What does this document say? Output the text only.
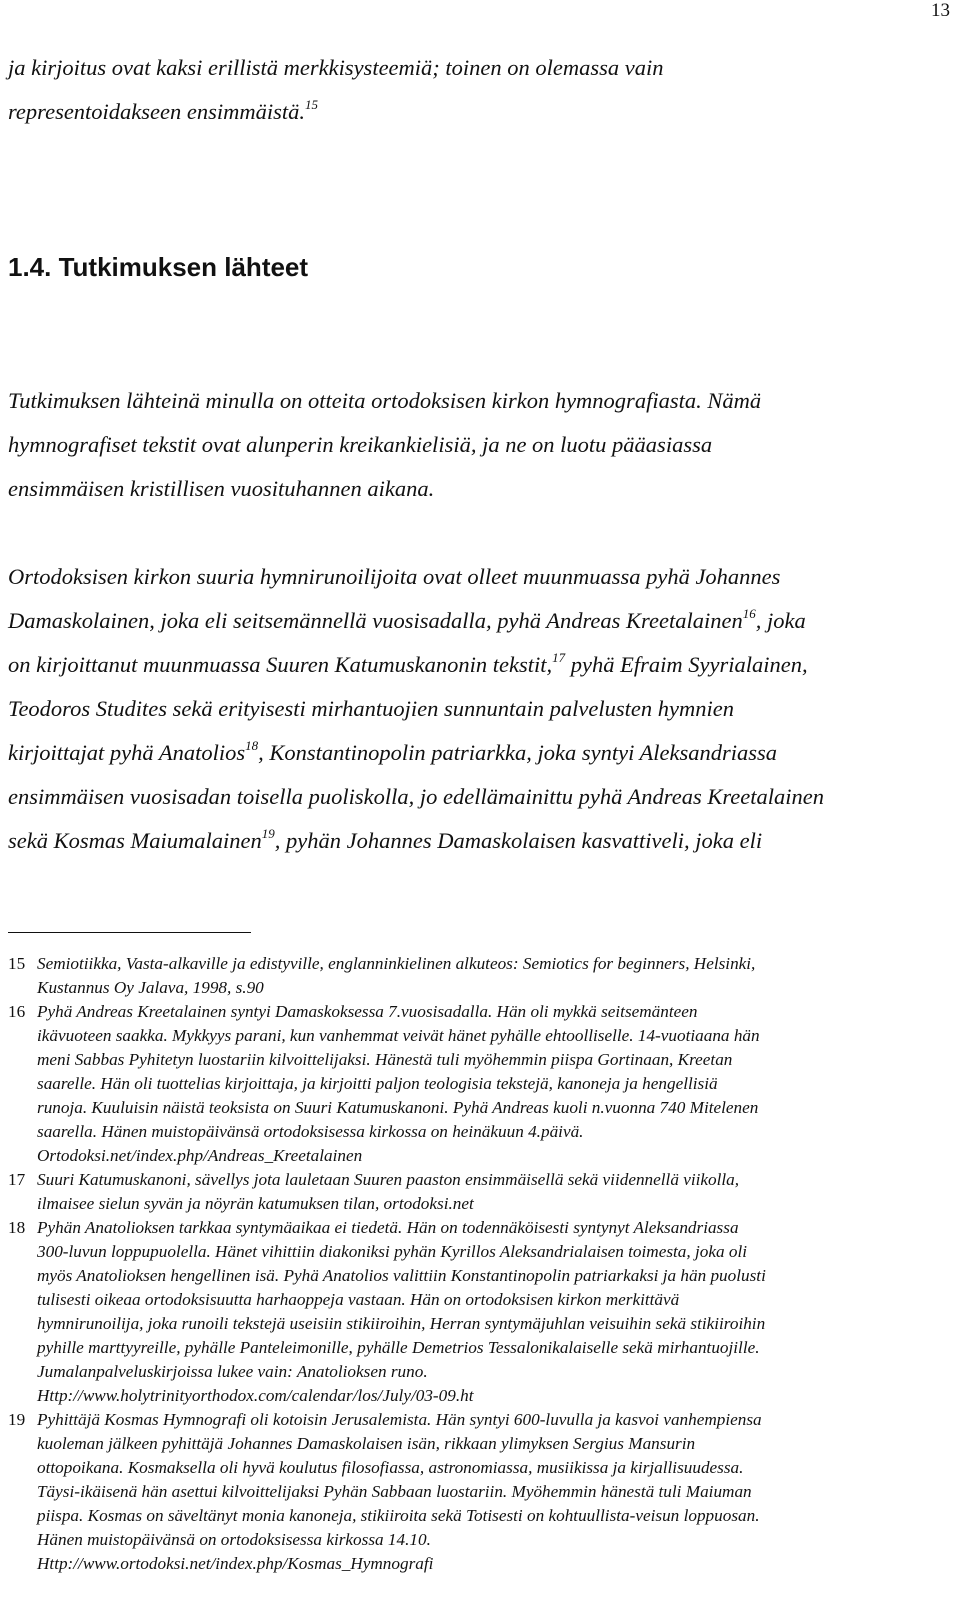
13

ja kirjoitus ovat kaksi erillistä merkkisysteemiä; toinen on olemassa vain
representoidakseen ensimmäistä.$^{15}$

1.4. Tutkimuksen lähteet

Tutkimuksen lähteinä minulla on otteita ortodoksisen kirkon hymnografiasta. Nämä
hymnografiset tekstit ovat alunperin kreikankielisiä, ja ne on luotu pääasiassa
ensimmäisen kristillisen vuosituhannen aikana.

Ortodoksisen kirkon suuria hymnirunoilijoita ovat olleet muunmuassa pyhä Johannes
Damaskolainen, joka eli seitsemännellä vuosisadalla, pyhä Andreas Kreetalainen$^{16}$, joka
on kirjoittanut muunmuassa Suuren Katumuskanonin tekstit,$^{17}$ pyhä Efraim Syyrialainen,
Teodoros Studites sekä erityisesti mirhantuojien sunnuntain palvelusten hymnien
kirjoittajat pyhä Anatolios$^{18}$, Konstantinopolin patriarkka, joka syntyi Aleksandriassa
ensimmäisen vuosisadan toisella puoliskolla, jo edellämainittu pyhä Andreas Kreetalainen
sekä Kosmas Maiumalainen$^{19}$, pyhän Johannes Damaskolaisen kasvattiveli, joka eli

15 Semiotiikka, Vasta-alkaville ja edistyville, englanninkielinen alkuteos: Semiotics for beginners, Helsinki,
Kustannus Oy Jalava, 1998, s.90
16 Pyhä Andreas Kreetalainen syntyi Damaskoksessa 7.vuosisadalla. Hän oli mykkä seitsemänteen
ikävuoteen saakka. Mykkyys parani, kun vanhemmat veivät hänet pyhälle ehtoolliselle. 14-vuotiaana hän
meni Sabbas Pyhitetyn luostariin kilvoittelijaksi. Hänestä tuli myöhemmin piispa Gortinaan, Kreetan
saarelle. Hän oli tuottelias kirjoittaja, ja kirjoitti paljon teologisia tekstejä, kanoneja ja hengellisiä
runoja. Kuuluisin näistä teoksista on Suuri Katumuskanoni. Pyhä Andreas kuoli n.vuonna 740 Mitelenen
saarella. Hänen muistopäivänsä ortodoksisessa kirkossa on heinäkuun 4.päivä.
Ortodoksi.net/index.php/Andreas_Kreetalainen
17 Suuri Katumuskanoni, sävellys jota lauletaan Suuren paaston ensimmäisellä sekä viidennellä viikolla,
ilmaisee sielun syvän ja nöyrän katumuksen tilan, ortodoksi.net
18 Pyhän Anatolioksen tarkkaa syntymäaikaa ei tiedetä. Hän on todennäköisesti syntynyt Aleksandriassa
300-luvun loppupuolella. Hänet vihittiin diakoniksi pyhän Kyrillos Aleksandrialaisen toimesta, joka oli
myös Anatolioksen hengellinen isä. Pyhä Anatolios valittiin Konstantinopolin patriarkaksi ja hän puolusti
tulisesti oikeaa ortodoksisuutta harhaoppeja vastaan. Hän on ortodoksisen kirkon merkittävä
hymnirunoilija, joka runoili tekstejä useisiin stikiiroihin, Herran syntymäjuhlan veisuihin sekä stikiiroihin
pyhille marttyyreille, pyhälle Panteleimonille, pyhälle Demetrios Tessalonikalaiselle sekä mirhantuojille.
Jumalanpalveluskirjoissa lukee vain: Anatolioksen runo.
Http://www.holytrinityorthodox.com/calendar/los/July/03-09.ht
19 Pyhittäjä Kosmas Hymnografi oli kotoisin Jerusalemista. Hän syntyi 600-luvulla ja kasvoi vanhempiensa
kuoleman jälkeen pyhittäjä Johannes Damaskolaisen isän, rikkaan ylimyksen Sergius Mansurin
ottopoikana. Kosmaksella oli hyvä koulutus filosofiassa, astronomiassa, musiikissa ja kirjallisuudessa.
Täysi-ikäisenä hän asettui kilvoittelijaksi Pyhän Sabbaan luostariin. Myöhemmin hänestä tuli Maiuman
piispa. Kosmas on säveltänyt monia kanoneja, stikiiroita sekä Totisesti on kohtuullista-veisun loppuosan.
Hänen muistopäivänsä on ortodoksisessa kirkossa 14.10.
Http://www.ortodoksi.net/index.php/Kosmas_Hymnografi
